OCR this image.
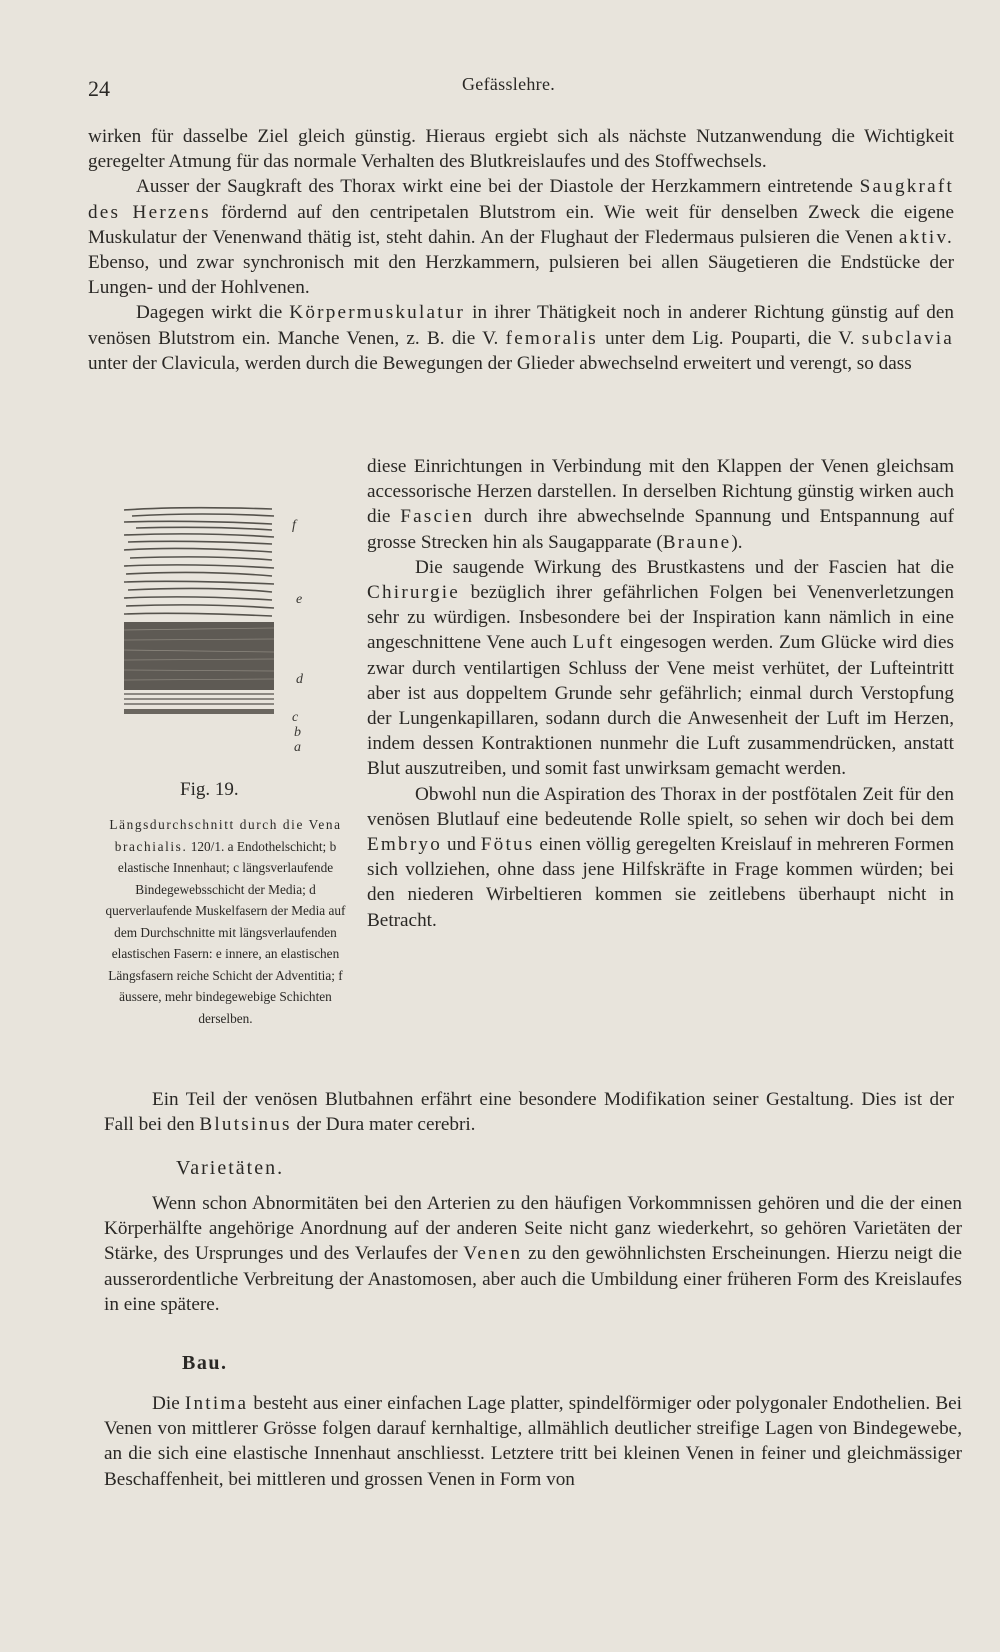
24	Gefässlehre.

wirken für dasselbe Ziel gleich günstig. Hieraus ergiebt sich als nächste Nutzanwendung die Wichtigkeit geregelter Atmung für das normale Verhalten des Blutkreislaufes und des Stoffwechsels.

Ausser der Saugkraft des Thorax wirkt eine bei der Diastole der Herzkammern eintretende Saugkraft des Herzens fördernd auf den centripetalen Blutstrom ein. Wie weit für denselben Zweck die eigene Muskulatur der Venenwand thätig ist, steht dahin. An der Flughaut der Fledermaus pulsieren die Venen aktiv. Ebenso, und zwar synchronisch mit den Herzkammern, pulsieren bei allen Säugetieren die Endstücke der Lungen- und der Hohlvenen.

Dagegen wirkt die Körpermuskulatur in ihrer Thätigkeit noch in anderer Richtung günstig auf den venösen Blutstrom ein. Manche Venen, z. B. die V. femoralis unter dem Lig. Pouparti, die V. subclavia unter der Clavicula, werden durch die Bewegungen der Glieder abwechselnd erweitert und verengt, so dass

diese Einrichtungen in Verbindung mit den Klappen der Venen gleichsam accessorische Herzen darstellen. In derselben Richtung günstig wirken auch die Fascien durch ihre abwechselnde Spannung und Entspannung auf grosse Strecken hin als Saugapparate (Braune).

Die saugende Wirkung des Brustkastens und der Fascien hat die Chirurgie bezüglich ihrer gefährlichen Folgen bei Venenverletzungen sehr zu würdigen. Insbesondere bei der Inspiration kann nämlich in eine angeschnittene Vene auch Luft eingesogen werden. Zum Glücke wird dies zwar durch ventilartigen Schluss der Vene meist verhütet, der Lufteintritt aber ist aus doppeltem Grunde sehr gefährlich; einmal durch Verstopfung der Lungenkapillaren, sodann durch die Anwesenheit der Luft im Herzen, indem dessen Kontraktionen nunmehr die Luft zusammendrücken, anstatt Blut auszutreiben, und somit fast unwirksam gemacht werden.

Obwohl nun die Aspiration des Thorax in der postfötalen Zeit für den venösen Blutlauf eine bedeutende Rolle spielt, so sehen wir doch bei dem Embryo und Fötus einen völlig geregelten Kreislauf in mehreren Formen sich vollziehen, ohne dass jene Hilfskräfte in Frage kommen würden; bei den niederen Wirbeltieren kommen sie zeitlebens überhaupt nicht in Betracht.

f
e
d
c
b
a
Fig. 19.
Längsdurchschnitt durch die Vena brachialis. 120/1. a Endothelschicht; b elastische Innenhaut; c längsverlaufende Bindegewebsschicht der Media; d querverlaufende Muskelfasern der Media auf dem Durchschnitte mit längsverlaufenden elastischen Fasern: e innere, an elastischen Längsfasern reiche Schicht der Adventitia; f äussere, mehr bindegewebige Schichten derselben.

Ein Teil der venösen Blutbahnen erfährt eine besondere Modifikation seiner Gestaltung. Dies ist der Fall bei den Blutsinus der Dura mater cerebri.

Varietäten.

Wenn schon Abnormitäten bei den Arterien zu den häufigen Vorkommnissen gehören und die der einen Körperhälfte angehörige Anordnung auf der anderen Seite nicht ganz wiederkehrt, so gehören Varietäten der Stärke, des Ursprunges und des Verlaufes der Venen zu den gewöhnlichsten Erscheinungen. Hierzu neigt die ausserordentliche Verbreitung der Anastomosen, aber auch die Umbildung einer früheren Form des Kreislaufes in eine spätere.

Bau.

Die Intima besteht aus einer einfachen Lage platter, spindelförmiger oder polygonaler Endothelien. Bei Venen von mittlerer Grösse folgen darauf kernhaltige, allmählich deutlicher streifige Lagen von Bindegewebe, an die sich eine elastische Innenhaut anschliesst. Letztere tritt bei kleinen Venen in feiner und gleichmässiger Beschaffenheit, bei mittleren und grossen Venen in Form von
